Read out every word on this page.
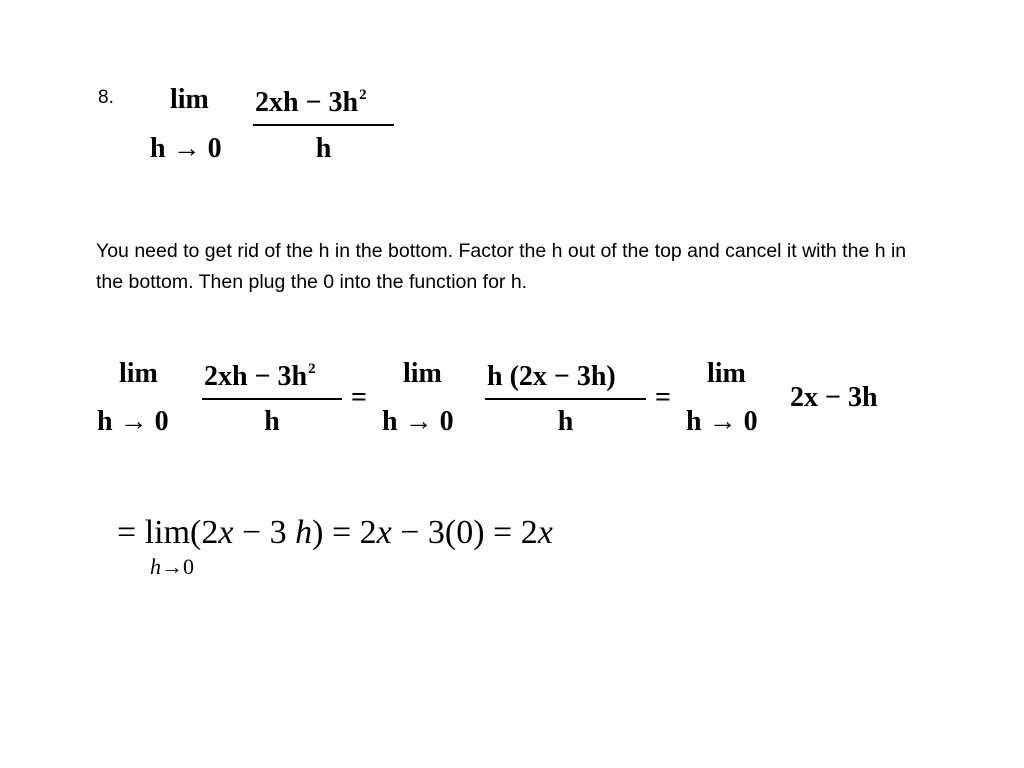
8. lim
h → 0
$2xh - 3h^2$
h
You need to get rid of the h in the bottom. Factor the h out of the top and cancel it with the h in the bottom. Then plug the 0 into the function for h.
lim
h → 0
$2xh - 3h^2$
h
=
lim
h → 0
h (2x − 3h)
h
=
lim
h → 0
2x − 3h
= lim(2x − 3 h) = 2x − 3(0) = 2x
h→0
